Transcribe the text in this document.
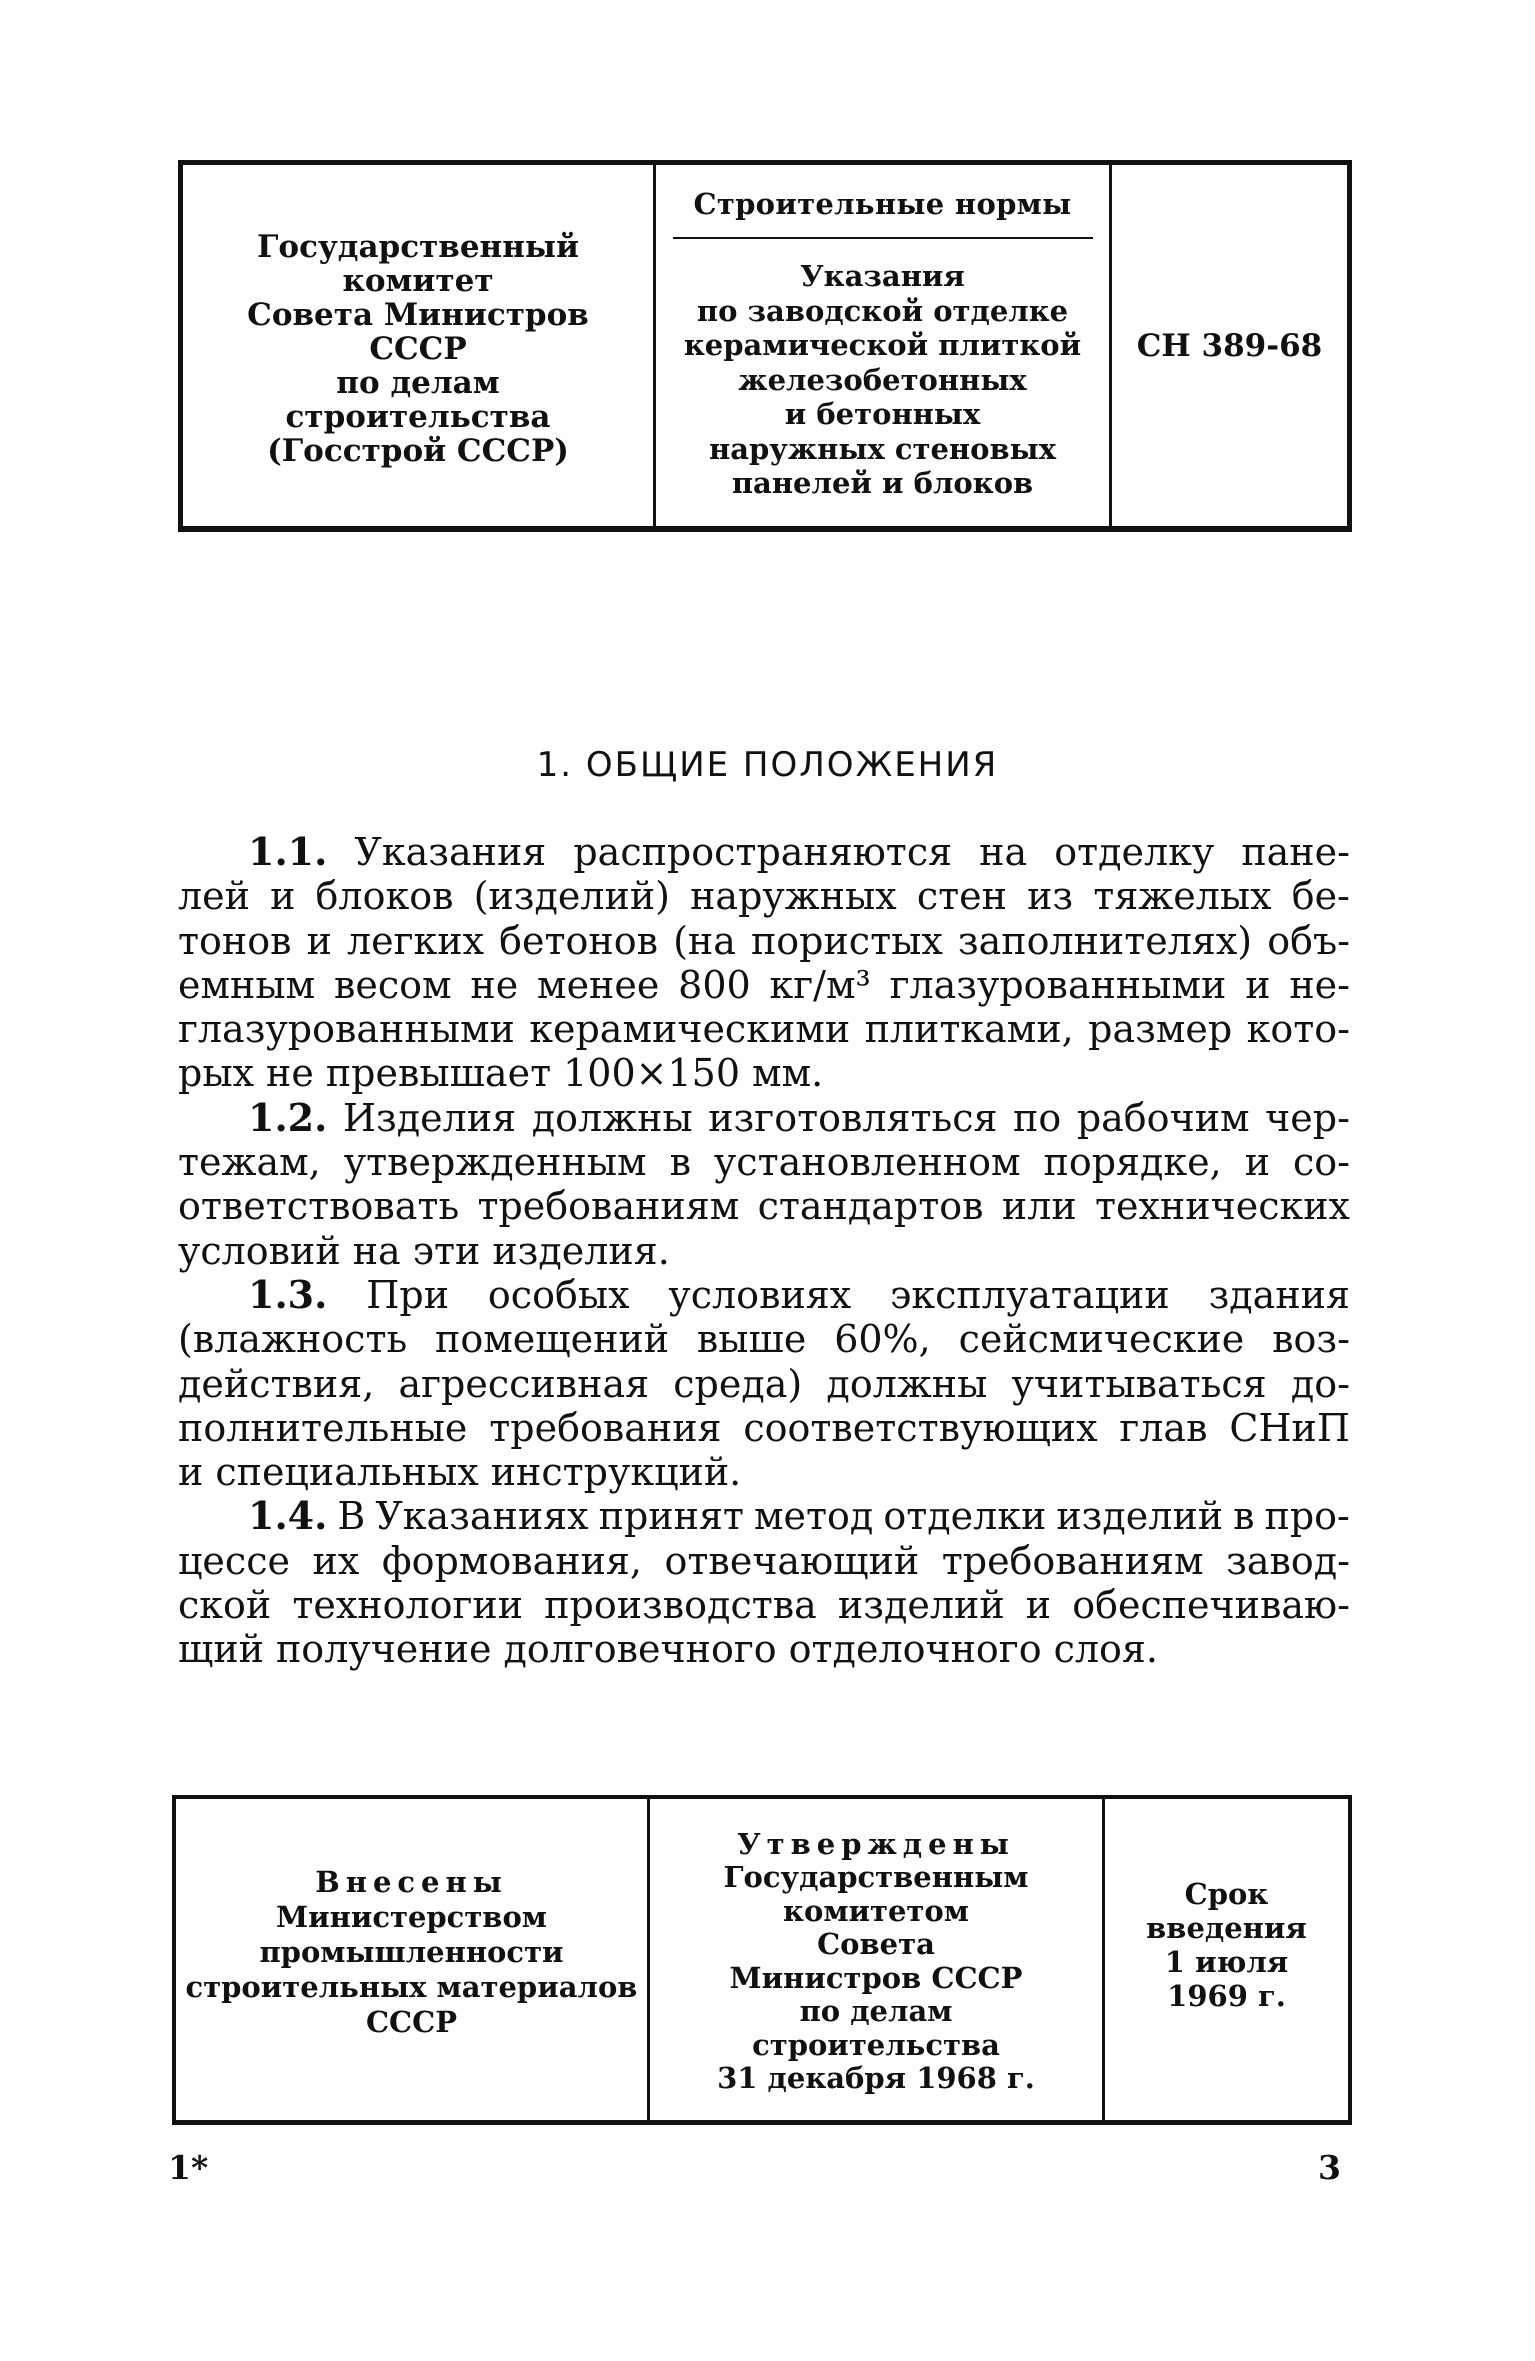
Государственный
комитет
Совета Министров
СССР
по делам
строительства
(Госстрой СССР)
Строительные нормы
Указания
по заводской отделке
керамической плиткой
железобетонных
и бетонных
наружных стеновых
панелей и блоков
СН 389-68
1. ОБЩИЕ ПОЛОЖЕНИЯ
1.1. Указания распространяются на отделку пане-
лей и блоков (изделий) наружных стен из тяжелых бе-
тонов и легких бетонов (на пористых заполнителях) объ-
емным весом не менее 800 кг/м³ глазурованными и не-
глазурованными керамическими плитками, размер кото-
рых не превышает 100×150 мм.
1.2. Изделия должны изготовляться по рабочим чер-
тежам, утвержденным в установленном порядке, и со-
ответствовать требованиям стандартов или технических
условий на эти изделия.
1.3. При особых условиях эксплуатации здания
(влажность помещений выше 60%, сейсмические воз-
действия, агрессивная среда) должны учитываться до-
полнительные требования соответствующих глав СНиП
и специальных инструкций.
1.4. В Указаниях принят метод отделки изделий в про-
цессе их формования, отвечающий требованиям завод-
ской технологии производства изделий и обеспечиваю-
щий получение долговечного отделочного слоя.
Внесены
Министерством
промышленности
строительных материалов
СССР
Утверждены
Государственным
комитетом
Совета
Министров СССР
по делам
строительства
31 декабря 1968 г.
Срок
введения
1 июля
1969 г.
1*	3
